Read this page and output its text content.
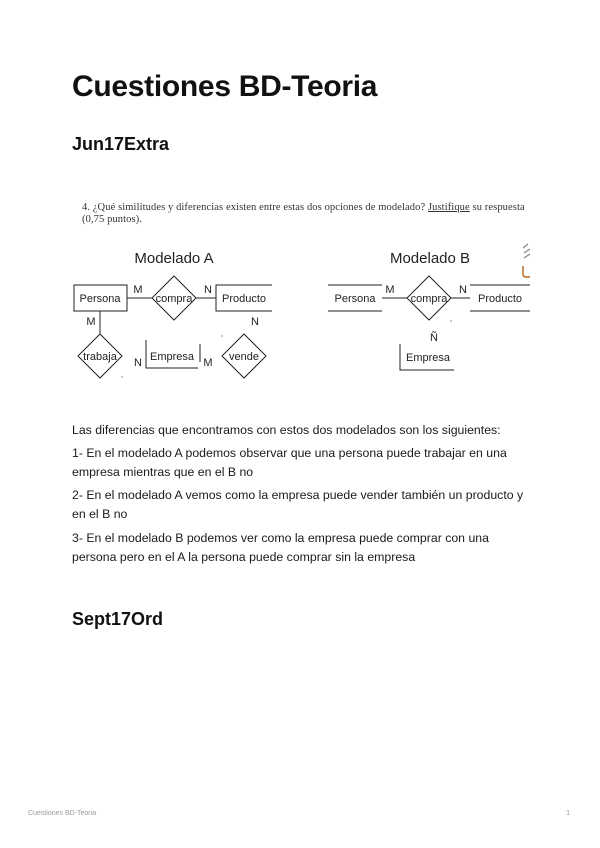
Cuestiones BD-Teoria
Jun17Extra
4. ¿Qué similitudes y diferencias existen entre estas dos opciones de modelado? Justifique su respuesta (0,75 puntos).
Modelado A
Persona	compra	Producto
M	N
M	N
trabaja	Empresa
N	M vende
Modelado B
Persona	compra	Producto
M	N
Ñ
Empresa

Las diferencias que encontramos con estos dos modelados son los siguientes:

1- En el modelado A podemos observar que una persona puede trabajar en una empresa mientras que en el B no

2- En el modelado A vemos como la empresa puede vender también un producto y en el B no

3- En el modelado B podemos ver como la empresa puede comprar con una persona pero en el A la persona puede comprar sin la empresa

Sept17Ord
Cuestiones BD-Teoria	1
